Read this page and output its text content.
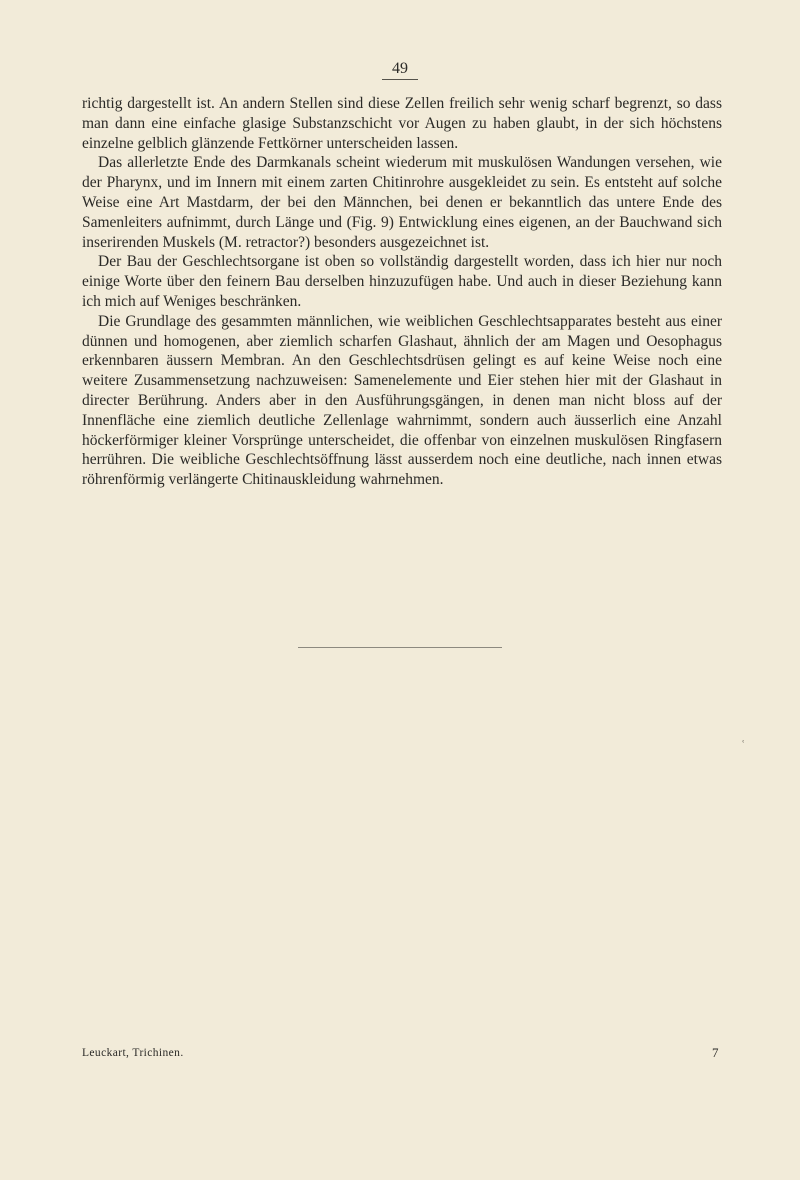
49

richtig dargestellt ist. An andern Stellen sind diese Zellen freilich sehr wenig scharf begrenzt, so dass man dann eine einfache glasige Substanzschicht vor Augen zu haben glaubt, in der sich höchstens einzelne gelblich glänzende Fettkörner unterscheiden lassen.

Das allerletzte Ende des Darmkanals scheint wiederum mit muskulösen Wandungen versehen, wie der Pharynx, und im Innern mit einem zarten Chitinrohre ausgekleidet zu sein. Es entsteht auf solche Weise eine Art Mastdarm, der bei den Männchen, bei denen er bekanntlich das untere Ende des Samenleiters aufnimmt, durch Länge und (Fig. 9) Entwicklung eines eigenen, an der Bauchwand sich inserirenden Muskels (M. retractor?) besonders ausgezeichnet ist.

Der Bau der Geschlechtsorgane ist oben so vollständig dargestellt worden, dass ich hier nur noch einige Worte über den feinern Bau derselben hinzuzufügen habe. Und auch in dieser Beziehung kann ich mich auf Weniges beschränken.

Die Grundlage des gesammten männlichen, wie weiblichen Geschlechtsapparates besteht aus einer dünnen und homogenen, aber ziemlich scharfen Glashaut, ähnlich der am Magen und Oesophagus erkennbaren äussern Membran. An den Geschlechtsdrüsen gelingt es auf keine Weise noch eine weitere Zusammensetzung nachzuweisen: Samenelemente und Eier stehen hier mit der Glashaut in directer Berührung. Anders aber in den Ausführungsgängen, in denen man nicht bloss auf der Innenfläche eine ziemlich deutliche Zellenlage wahrnimmt, sondern auch äusserlich eine Anzahl höckerförmiger kleiner Vorsprünge unterscheidet, die offenbar von einzelnen muskulösen Ringfasern herrühren. Die weibliche Geschlechtsöffnung lässt ausserdem noch eine deutliche, nach innen etwas röhrenförmig verlängerte Chitinauskleidung wahrnehmen.

ʿ
Leuckart, Trichinen.	7
